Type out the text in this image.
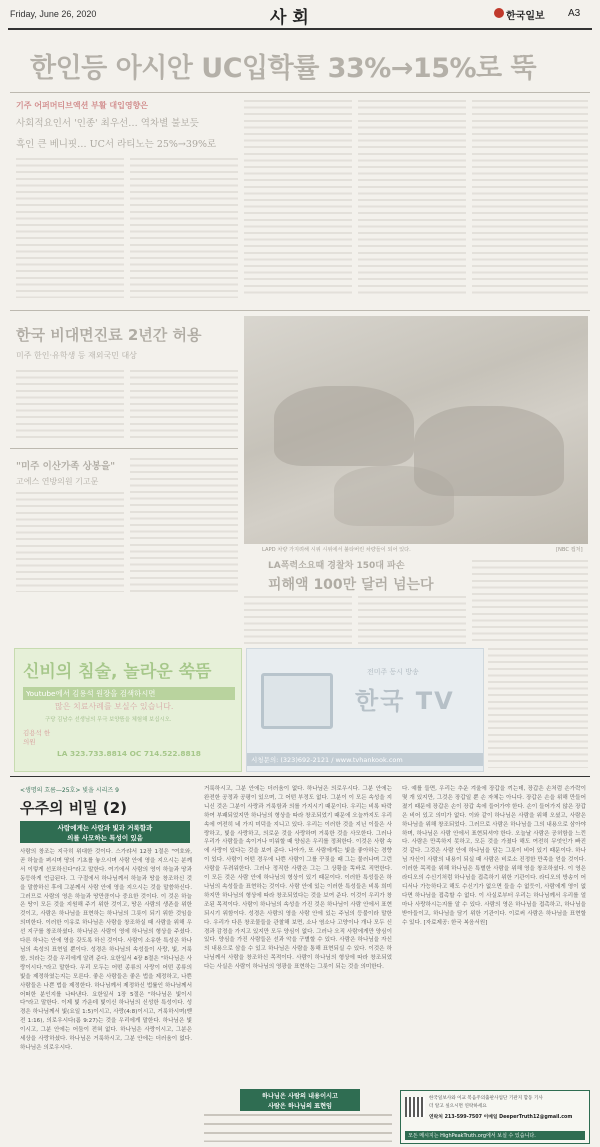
Friday, June 26, 2020	사회	한국일보 A3
한인등 아시안 UC입학률 33%→15%로 뚝
기주 어퍼머티브액션 부활 대입영향은
사회적요인서 '인종' 최우선… 역차별 불보듯
흑인 큰 베니핏… UC서 라티노는 25%→39%로
한국 비대면진료 2년간 허용
미주 한인·유학생 등 재외국민 대상
LAPD 차량 가지려해 시위 시위에서 불타버린 차량들이 되어 있다.	[NBC 캡처]
"미주 이산가족 상봉을"
고에스 연방의원 기고문
LA폭력소요때 경찰차 150대 파손
피해액 100만 달러 넘는다
신비의 침술, 놀라운 쑥뜸
Youtube에서 김용석 원장을 검색하시면
많은 치료사례를 보실수 있습니다.
구당 김남수 선생님의 무극 보양뜸을 체험해 보십시오.
김용석 한의원
LA 323.733.8814 OC 714.522.8818
전미주 동시 방송
한국 TV
시청문의: (323)692-2121 / www.tvhankook.com
<생명의 흐름—25호> 빛을 시리즈 9
우주의 비밀 (2)
사람에게는 사람과 빛과 거룩함과
의를 사모하는 특성이 있음
사람의 창조는 지극히 위대한 것이다. 스가랴서 12장 1절은 "여호와, 곧 하늘을 펴시며 땅의 기초를 놓으시며 사람 안에 영을 지으시는 분께서 이렇게 선포하신다"라고 말한다. 여기에서 사람의 영이 하늘과 땅과 동등하게 언급된다. 그 구절에서 하나님께서 하늘과 땅을 창조하신 것을 말씀하신 후에 그분께서 사람 안에 영을 지으시는 것을 말씀하신다. 그러므로 사람의 영은 하늘과 땅만큼이나 중요한 것이다. 이 것은 하늘은 땅이 모든 것을 지원해 주기 위한 것이고, 땅은 사람의 생존을 위한 것이고, 사람은 하나님을 표현하는 하나님의 그릇이 되기 위한 것임을 의미한다. 이러한 이유로 하나님은 사람을 창조하실 때 사람을 위해 우선 지구를 창조하셨다. 하나님은 사람이 영에 하나님의 형상을 주셨다. 다른 하나는 안에 영을 갖도록 하신 것이다. 사람이 소유한 특성은 하나님의 속성의 표현일 뿐이다. 성경은 하나님의 속성들이 사랑, 빛, 거룩함, 의라는 것을 우리에게 알려 준다. 요한일서 4장 8절은 "하나님은 사랑이시다."라고 말한다. 우리 모두는 어떤 종류의 사랑이 어떤 종류의 빛을 제정하였는지는 모른다. 좋은 사람들은 좋은 법을 제정하고, 나쁜 사람들은 나쁜 법을 제정한다. 하나님께서 제정하신 법률인 하나님께서 어떠한 분인지를 나타낸다. 요한일서 1장 5절은 "하나님은 빛이시다"라고 말한다. 이제 빛 가운데 빛이신 하나님의 신성한 특성이다. 성경은 하나님께서 빛(요일 1:5)이시고, 사랑(4:8)이시고, 거룩하시며(벧전 1:16), 의로우시다(롬 9:27)는 것을 우리에게 말한다. 하나님은 빛이시고, 그분 안에는 어둠이 전혀 없다. 하나님은 사랑이시고, 그분은 세상을 사랑하셨다. 하나님은 거룩하시고, 그분 안에는 더러움이 없다. 하나님은 의로우시다.
거룩하시고, 그분 안에는 더러움이 없다. 하나님은 의로우시다. 그분 안에는 완전한 공정과 공평이 있으며, 그 어떤 부정도 없다. 그분이 이 모든 속성을 지니신 것은 그분이 사랑과 거룩함과 의를 가지시기 때문이다. 우리는 비록 타락하여 부패되었지만 하나님의 형상을 따라 창조되었기 때문에 오늘까지도 우리 속에 여전히 네 가지 미덕을 지니고 있다. 우리는 이러한 것을 지닌 이들은 사랑하고, 빛을 사랑하고, 의로운 것을 사랑하며 거룩한 것을 사모한다. 그러나 우리가 사람들을 속이거나 미워할 때 양심은 우리를 정죄한다. 이것은 사람 속에 사랑이 있다는 것을 보여 준다. 나아가, 또 사람에게는 빛을 좋아하는 경향이 있다. 사람이 어떤 경우에 나쁜 사람이 그를 꾸짖을 때 그는 물러나며 그런 사람을 두려워한다. 그러나 정직한 사람은 그는 그 상황을 똑바로 직면한다. 이 모든 것은 사람 안에 하나님의 형상이 있기 때문이다. 이러한 특성들은 하나님의 속성들을 표현하는 것이다. 사람 안에 있는 이러한 특성들은 비록 희미하지만 하나님의 형상에 따라 창조되었다는 것을 보여 준다. 이것이 우리가 창조된 목적이다. 사람이 하나님의 속성을 가진 것은 하나님이 사람 안에서 표현되시기 위함이다. 성경은 사람의 영을 사람 안에 있는 주님의 등불이라 말한다. 우리가 다른 창조물들을 관찰해 보면, 소나 염소나 고양이나 개나 모두 신경과 감정을 가지고 있지만 모두 양심이 없다. 그러나 오직 사람에게만 양심이 있다. 양심을 가진 사람들은 선과 악을 구별할 수 있다. 사람은 하나님을 자신의 내용으로 삼을 수 있고 하나님은 사람을 통해 표현되실 수 있다. 이것은 하나님께서 사람을 창조하신 목적이다. 사람이 하나님의 형상에 따라 창조되었다는 사실은 사람이 하나님의 영광을 표현하는 그릇이 되는 것을 의미한다.
하나님은 사람의 내용이시고
사람은 하나님의 표현임
다. 예를 들면, 우리는 추운 겨울에 장갑을 끼는데, 장갑은 손처럼 손가락이 몇 개 있지만, 그것은 장갑일 뿐 손 자체는 아니다. 장갑은 손을 위해 만들어졌기 때문에 장갑은 손이 장갑 속에 들어가야 한다. 손이 들어가지 않은 장갑은 비어 있고 의미가 없다. 이와 같이 하나님은 사람을 위해 오셨고, 사람은 하나님을 위해 창조되었다. 그러므로 사람은 하나님을 그의 내용으로 삼아야 하며, 하나님은 사람 안에서 표현되셔야 한다. 오늘날 사람은 공허함을 느낀다. 사람은 만족하지 못하고, 모든 것을 가졌다 해도 여전히 무엇인가 빠진 것 같다. 그것은 사람 안에 하나님을 담는 그릇이 비어 있기 때문이다. 하나님 자신이 사람의 내용이 되실 때 사람은 비로소 진정한 만족을 얻을 것이다. 이러한 목적을 위해 하나님은 특별한 사람을 위해 영을 창조하셨다. 이 영은 라디오의 수신기처럼 하나님을 접촉하기 위한 기관이다. 라디오의 방송이 어디서나 가능하다고 해도 수신기가 없으면 들을 수 없듯이, 사람에게 영이 없다면 하나님을 접촉할 수 없다. 이 사실로부터 우리는 하나님께서 우리를 얼마나 사랑하시는지를 알 수 있다. 사람의 영은 하나님을 접촉하고, 하나님을 받아들이고, 하나님을 담기 위한 기관이다. 이로써 사람은 하나님을 표현할 수 있다. [자료제공: 한국 복음서원]
한국일보사와 이교 복음주의출판사업단 기관지 합동 기사
더 알고 싶으시면 연락하세요
연락처 213-599-7507 이메일 DeeperTruth12@gmail.com
모든 메시지는 HighPeakTruth.org에서 보실 수 있습니다.
